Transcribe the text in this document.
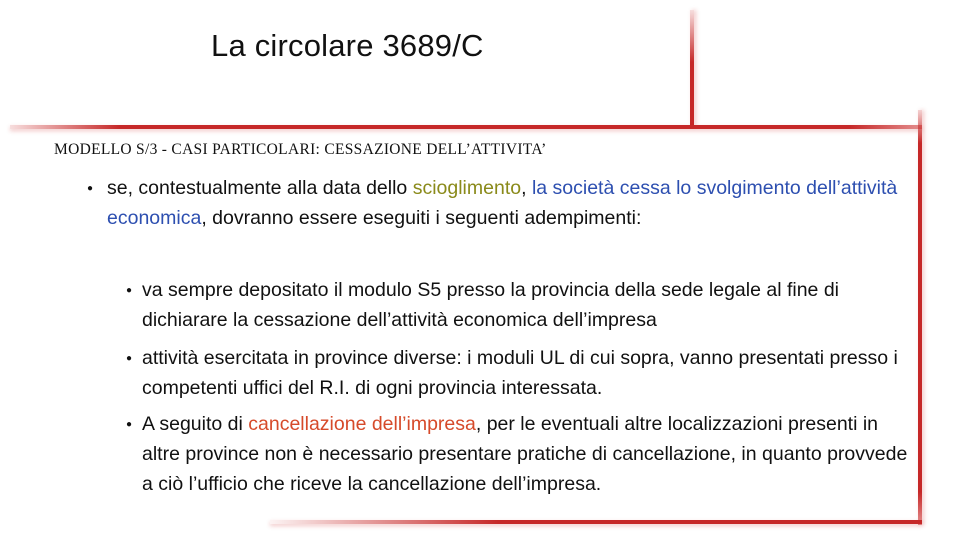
La circolare 3689/C
MODELLO S/3 - CASI PARTICOLARI: CESSAZIONE DELL’ATTIVITA’
● se, contestualmente alla data dello scioglimento, la società cessa lo svolgimento dell’attività economica, dovranno essere eseguiti i seguenti adempimenti:
● va sempre depositato il modulo S5 presso la provincia della sede legale al fine di dichiarare la cessazione dell’attività economica dell’impresa
● attività esercitata in province diverse: i moduli UL di cui sopra, vanno presentati presso i competenti uffici del R.I. di ogni provincia interessata.
● A seguito di cancellazione dell’impresa, per le eventuali altre localizzazioni presenti in altre province non è necessario presentare pratiche di cancellazione, in quanto provvede a ciò l’ufficio che riceve la cancellazione dell’impresa.
